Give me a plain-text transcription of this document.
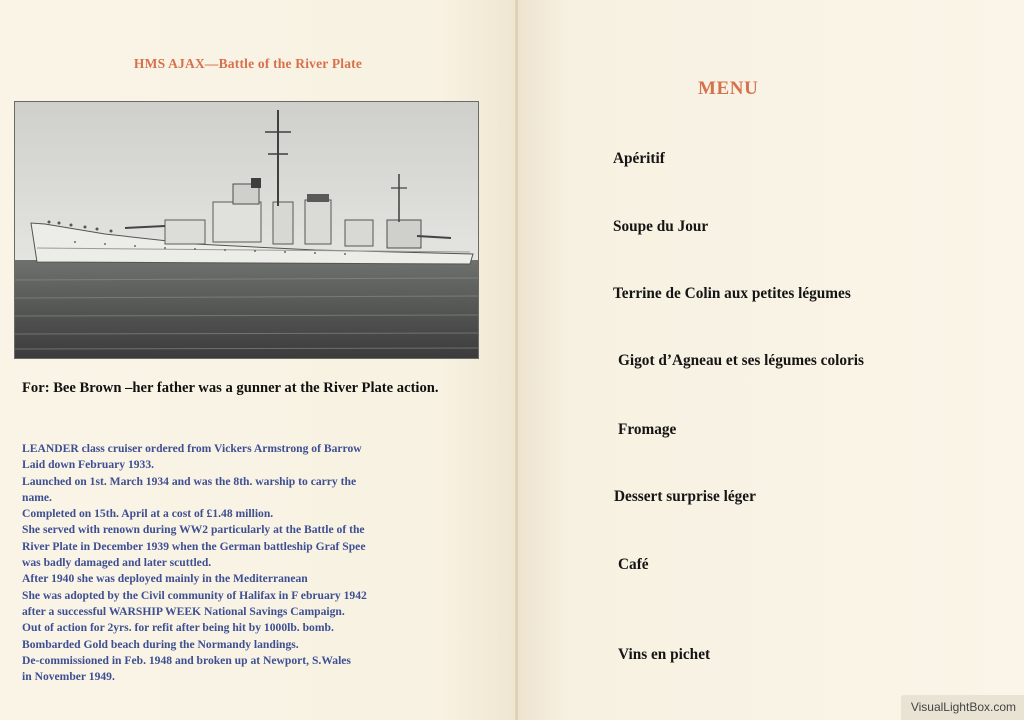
HMS AJAX—Battle of the River Plate
For: Bee Brown –her father was a gunner at the River Plate action.
LEANDER class cruiser ordered from Vickers Armstrong of Barrow
Laid down February 1933.
Launched on 1st. March 1934 and was the 8th. warship to carry the
name.
Completed on 15th. April at a cost of £1.48 million.
She served with renown during WW2 particularly at the Battle of the
River Plate in December 1939 when the German battleship Graf Spee
was badly damaged and later scuttled.
After 1940 she was deployed mainly in the Mediterranean
She was adopted by the Civil community of Halifax in F ebruary 1942
after a successful WARSHIP WEEK National Savings Campaign.
Out of action for 2yrs. for refit after being hit by 1000lb. bomb.
Bombarded Gold beach during the Normandy landings.
De-commissioned in Feb. 1948 and broken up at Newport, S.Wales
in November 1949.
MENU
Apéritif
Soupe du Jour
Terrine de Colin aux petites légumes
Gigot d’Agneau et ses légumes coloris
Fromage
Dessert surprise léger
Café
Vins en pichet
VisualLightBox.com
